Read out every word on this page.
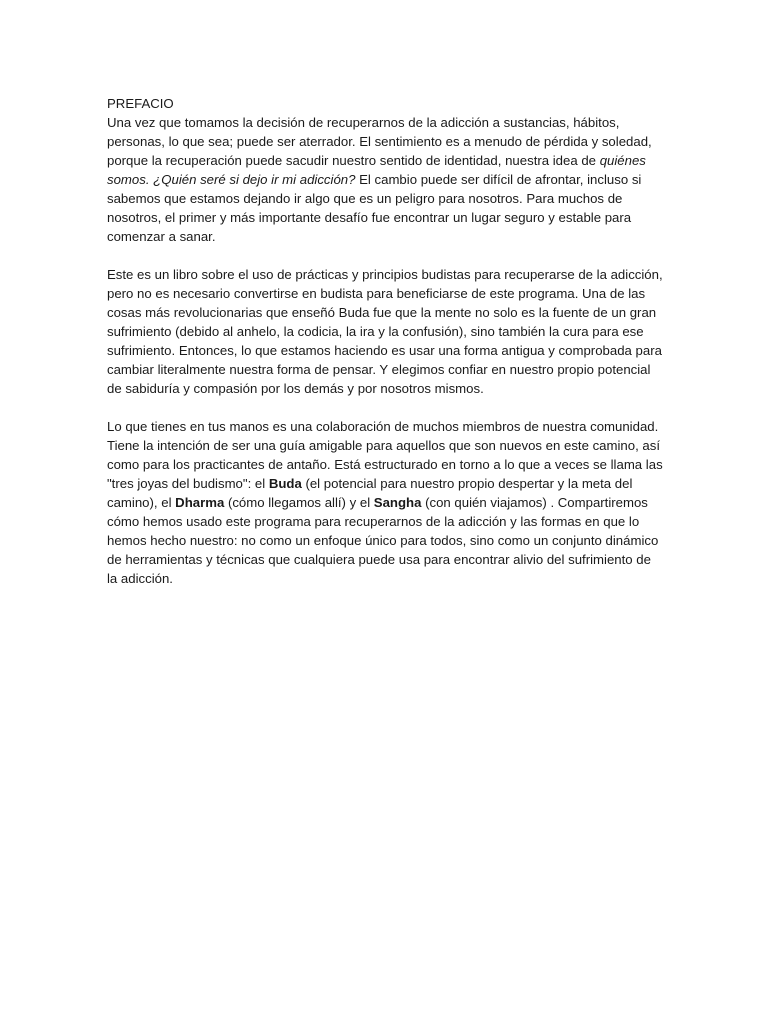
PREFACIO

Una vez que tomamos la decisión de recuperarnos de la adicción a sustancias, hábitos, personas, lo que sea; puede ser aterrador. El sentimiento es a menudo de pérdida y soledad, porque la recuperación puede sacudir nuestro sentido de identidad, nuestra idea de quiénes somos. ¿Quién seré si dejo ir mi adicción? El cambio puede ser difícil de afrontar, incluso si sabemos que estamos dejando ir algo que es un peligro para nosotros. Para muchos de nosotros, el primer y más importante desafío fue encontrar un lugar seguro y estable para comenzar a sanar.

Este es un libro sobre el uso de prácticas y principios budistas para recuperarse de la adicción, pero no es necesario convertirse en budista para beneficiarse de este programa. Una de las cosas más revolucionarias que enseñó Buda fue que la mente no solo es la fuente de un gran sufrimiento (debido al anhelo, la codicia, la ira y la confusión), sino también la cura para ese sufrimiento. Entonces, lo que estamos haciendo es usar una forma antigua y comprobada para cambiar literalmente nuestra forma de pensar. Y elegimos confiar en nuestro propio potencial de sabiduría y compasión por los demás y por nosotros mismos.

Lo que tienes en tus manos es una colaboración de muchos miembros de nuestra comunidad. Tiene la intención de ser una guía amigable para aquellos que son nuevos en este camino, así como para los practicantes de antaño. Está estructurado en torno a lo que a veces se llama las "tres joyas del budismo": el Buda (el potencial para nuestro propio despertar y la meta del camino), el Dharma (cómo llegamos allí) y el Sangha (con quién viajamos) . Compartiremos cómo hemos usado este programa para recuperarnos de la adicción y las formas en que lo hemos hecho nuestro: no como un enfoque único para todos, sino como un conjunto dinámico de herramientas y técnicas que cualquiera puede usa para encontrar alivio del sufrimiento de la adicción.
